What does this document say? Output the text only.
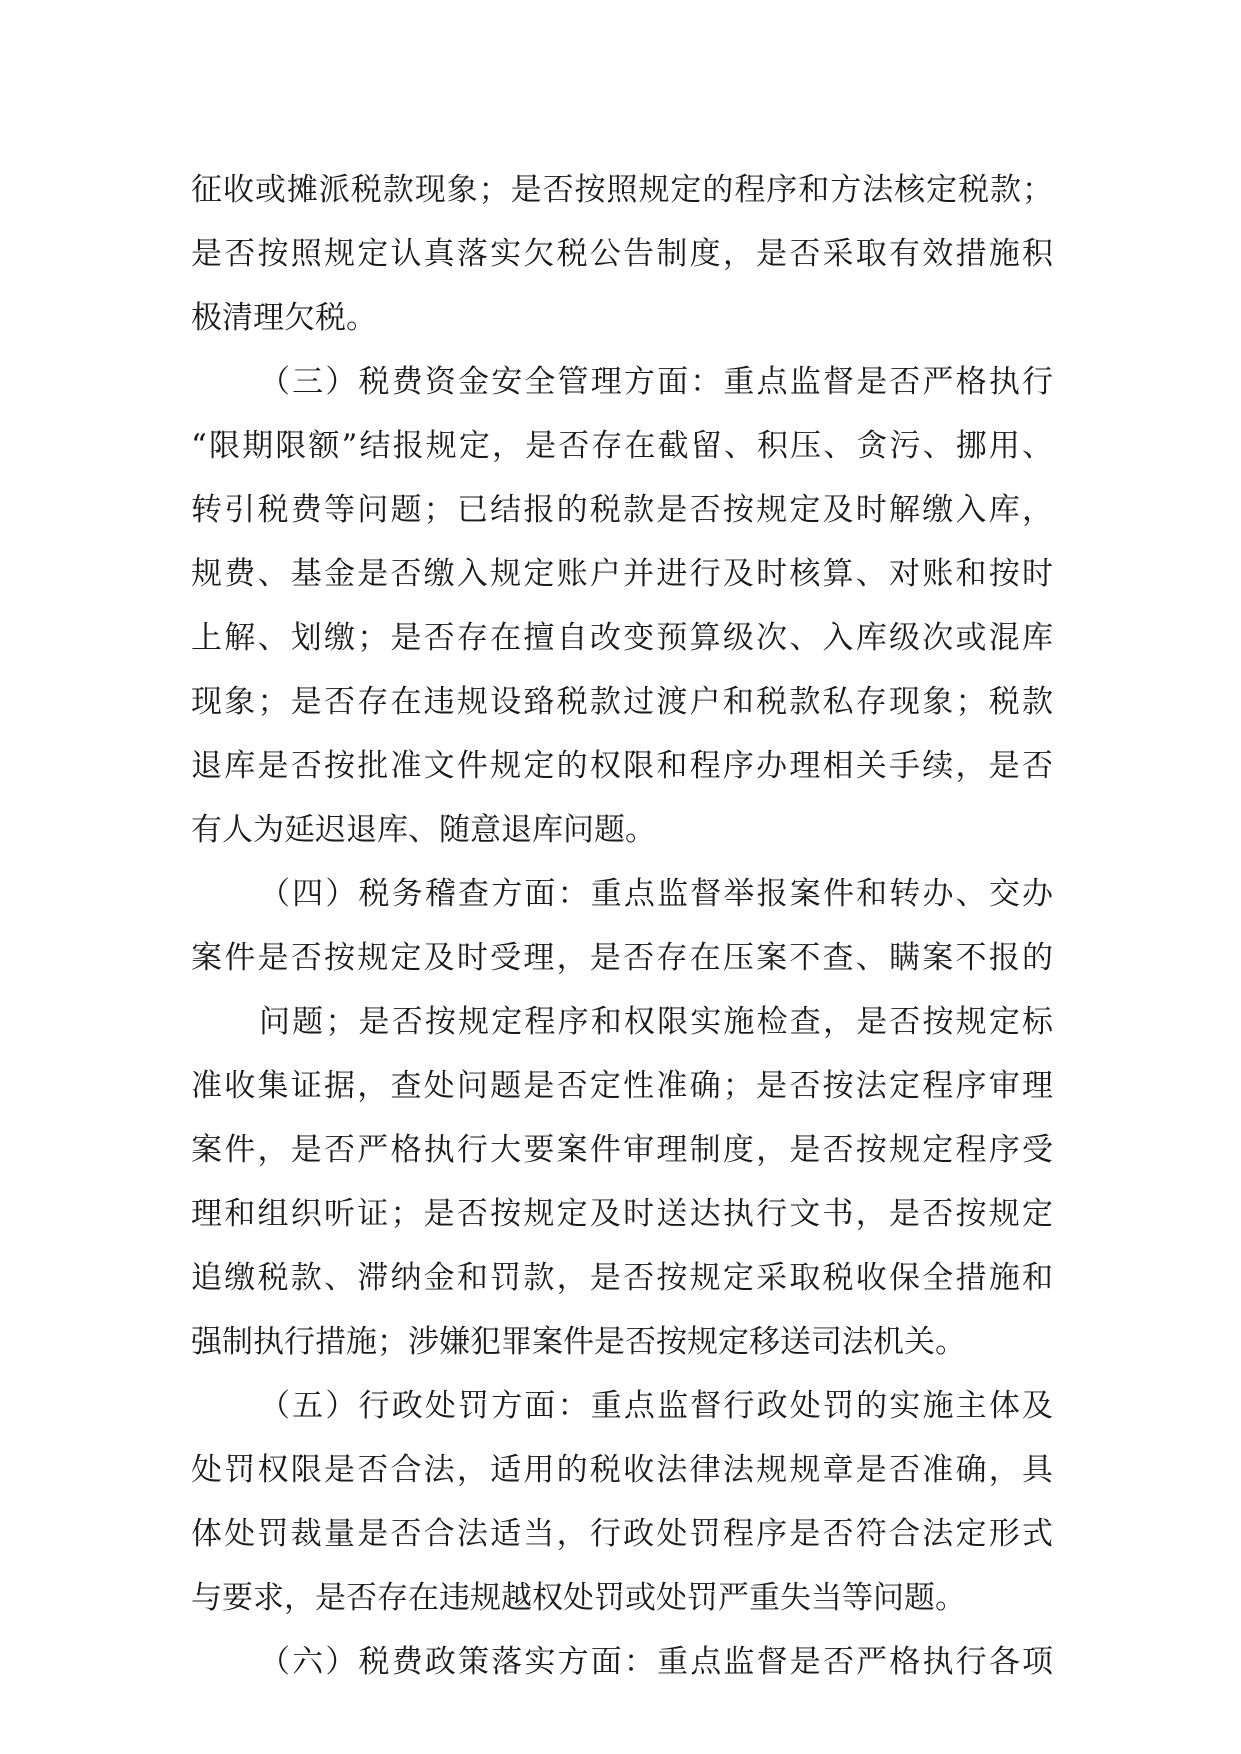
征收或摊派税款现象；是否按照规定的程序和方法核定税款；

是否按照规定认真落实欠税公告制度，是否采取有效措施积

极清理欠税。

（三）税费资金安全管理方面：重点监督是否严格执行

“限期限额”结报规定，是否存在截留、积压、贪污、挪用、

转引税费等问题；已结报的税款是否按规定及时解缴入库，

规费、基金是否缴入规定账户并进行及时核算、对账和按时

上解、划缴；是否存在擅自改变预算级次、入库级次或混库

现象；是否存在违规设臵税款过渡户和税款私存现象；税款

退库是否按批准文件规定的权限和程序办理相关手续，是否

有人为延迟退库、随意退库问题。

（四）税务稽查方面：重点监督举报案件和转办、交办

案件是否按规定及时受理，是否存在压案不查、瞒案不报的

问题；是否按规定程序和权限实施检查，是否按规定标

准收集证据，查处问题是否定性准确；是否按法定程序审理

案件，是否严格执行大要案件审理制度，是否按规定程序受

理和组织听证；是否按规定及时送达执行文书，是否按规定

追缴税款、滞纳金和罚款，是否按规定采取税收保全措施和

强制执行措施；涉嫌犯罪案件是否按规定移送司法机关。

（五）行政处罚方面：重点监督行政处罚的实施主体及

处罚权限是否合法，适用的税收法律法规规章是否准确，具

体处罚裁量是否合法适当，行政处罚程序是否符合法定形式

与要求，是否存在违规越权处罚或处罚严重失当等问题。

（六）税费政策落实方面：重点监督是否严格执行各项
